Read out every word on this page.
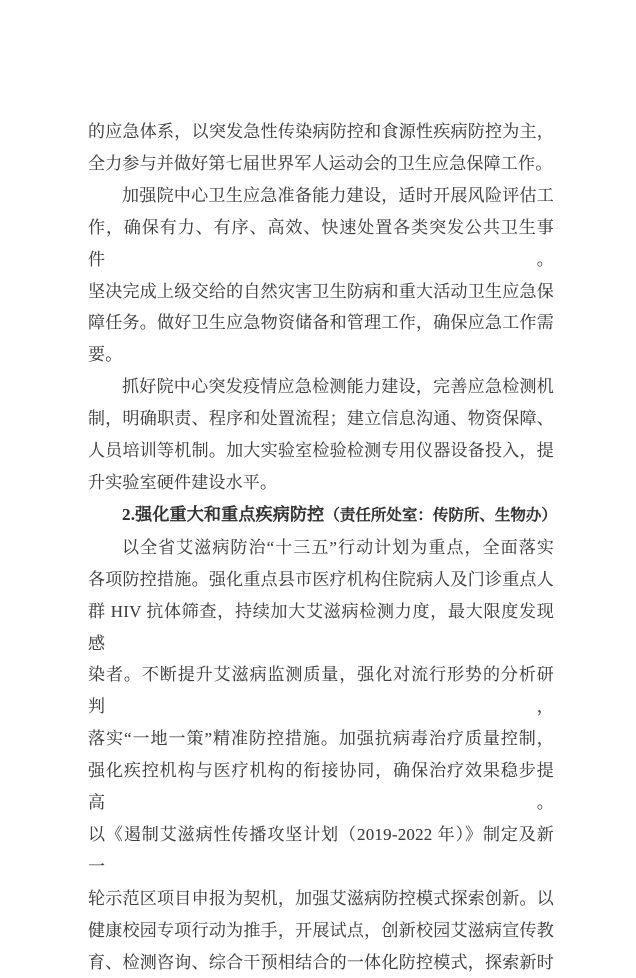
的应急体系，以突发急性传染病防控和食源性疾病防控为主，
全力参与并做好第七届世界军人运动会的卫生应急保障工作。
加强院中心卫生应急准备能力建设，适时开展风险评估工
作，确保有力、有序、高效、快速处置各类突发公共卫生事件。
坚决完成上级交给的自然灾害卫生防病和重大活动卫生应急保
障任务。做好卫生应急物资储备和管理工作，确保应急工作需
要。
抓好院中心突发疫情应急检测能力建设，完善应急检测机
制，明确职责、程序和处置流程；建立信息沟通、物资保障、
人员培训等机制。加大实验室检验检测专用仪器设备投入，提
升实验室硬件建设水平。
2.强化重大和重点疾病防控（责任所处室：传防所、生物办）
以全省艾滋病防治“十三五”行动计划为重点，全面落实
各项防控措施。强化重点县市医疗机构住院病人及门诊重点人
群 HIV 抗体筛查，持续加大艾滋病检测力度，最大限度发现感
染者。不断提升艾滋病监测质量，强化对流行形势的分析研判，
落实“一地一策”精准防控措施。加强抗病毒治疗质量控制，
强化疾控机构与医疗机构的衔接协同，确保治疗效果稳步提高。
以《遏制艾滋病性传播攻坚计划（2019-2022 年）》制定及新一
轮示范区项目申报为契机，加强艾滋病防控模式探索创新。以
健康校园专项行动为推手，开展试点，创新校园艾滋病宣传教
育、检测咨询、综合干预相结合的一体化防控模式，探索新时
